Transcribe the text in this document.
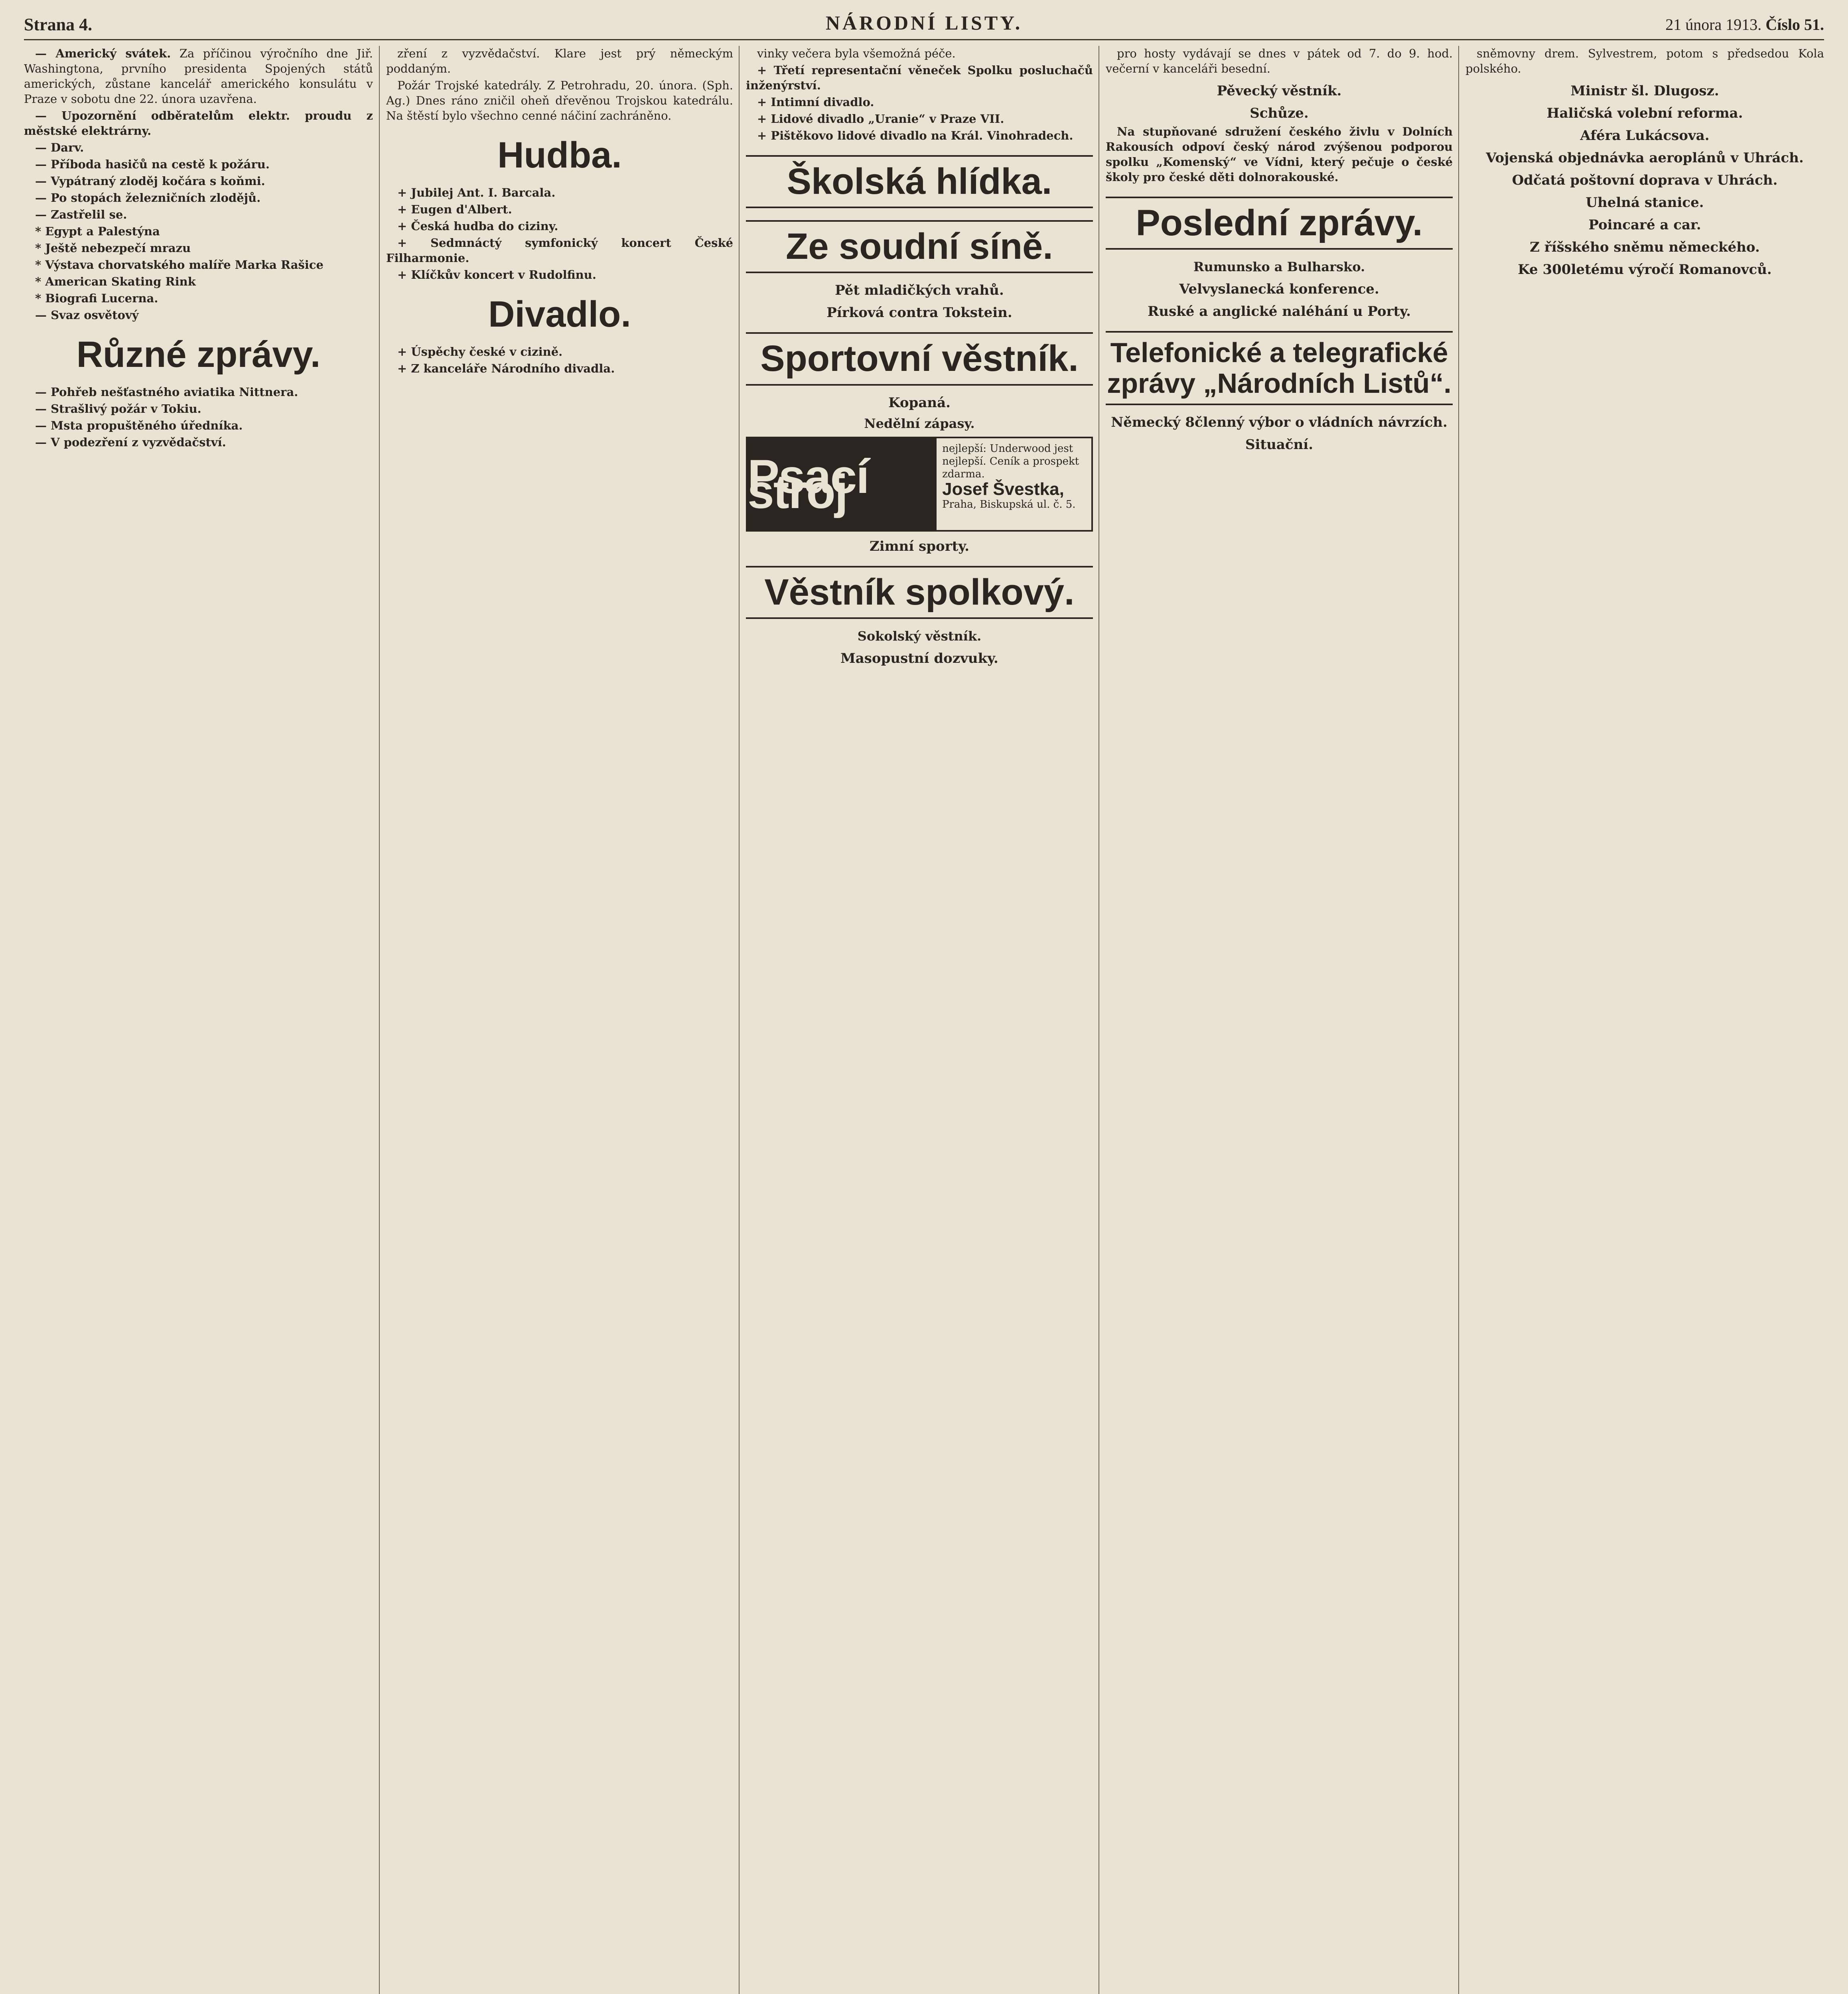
Strana 4.	NÁRODNÍ LISTY.	21 února 1913. Číslo 51.

— Americký svátek. Za příčinou výročního dne Jiř. Washingtona, prvního presidenta Spojených států amerických, zůstane kancelář amerického konsulátu v Praze v sobotu dne 22. února uzavřena.

— Upozornění odběratelům elektr. proudu z městské elektrárny.

— Darv.

— Příboda hasičů na cestě k požáru.

— Vypátraný zloděj kočára s koňmi.

— Po stopách železničních zlodějů.

— Zastřelil se.

* Egypt a Palestýna

* Ještě nebezpečí mrazu

* Výstava chorvatského malíře Marka Rašice

* American Skating Rink

* Biografi Lucerna.

— Svaz osvětový

Různé zprávy.

— Pohřeb nešťastného aviatika Nittnera.

— Strašlivý požár v Tokiu.

— Msta propuštěného úředníka.

— V podezření z vyzvědačství.

zření z vyzvědačství. Klare jest prý německým poddaným.

Požár Trojské katedrály. Z Petrohradu, 20. února. (Sph. Ag.) Dnes ráno zničil oheň dřevěnou Trojskou katedrálu. Na štěstí bylo všechno cenné náčiní zachráněno.

Hudba.

+ Jubilej Ant. I. Barcala.

+ Eugen d'Albert.

+ Česká hudba do ciziny.

+ Sedmnáctý symfonický koncert České Filharmonie.

+ Klíčkův koncert v Rudolfinu.

Divadlo.

+ Úspěchy české v cizině.

+ Z kanceláře Národního divadla.

vinky večera byla všemožná péče.

+ Třetí representační věneček Spolku posluchačů inženýrství.

+ Intimní divadlo.

+ Lidové divadlo „Uranie“ v Praze VII.

+ Pištěkovo lidové divadlo na Král. Vinohradech.

Školská hlídka.
Ze soudní síně.
Pět mladičkých vrahů.
Pírková contra Tokstein.
Sportovní věstník.
Kopaná.
Nedělní zápasy.
Psací stroj
nejlepší: Underwood jest nejlepší. Ceník a prospekt zdarma.
Josef Švestka,
Praha, Biskupská ul. č. 5.
Zimní sporty.
Věstník spolkový.
Sokolský věstník.
Masopustní dozvuky.

pro hosty vydávají se dnes v pátek od 7. do 9. hod. večerní v kanceláři besední.

Pěvecký věstník.
Schůze.

Na stupňované sdružení českého živlu v Dolních Rakousích odpoví český národ zvýšenou podporou spolku „Komenský“ ve Vídni, který pečuje o české školy pro české děti dolnorakouské.

Poslední zprávy.
Rumunsko a Bulharsko.
Velvyslanecká konference.
Ruské a anglické naléhání u Porty.
Telefonické a telegrafické zprávy „Národních Listů“.
Německý 8členný výbor o vládních návrzích.
Situační.

sněmovny drem. Sylvestrem, potom s předsedou Kola polského.

Ministr šl. Dlugosz.
Haličská volební reforma.
Aféra Lukácsova.
Vojenská objednávka aeroplánů v Uhrách.
Odčatá poštovní doprava v Uhrách.
Uhelná stanice.
Poincaré a car.
Z říšského sněmu německého.
Ke 300letému výročí Romanovců.
